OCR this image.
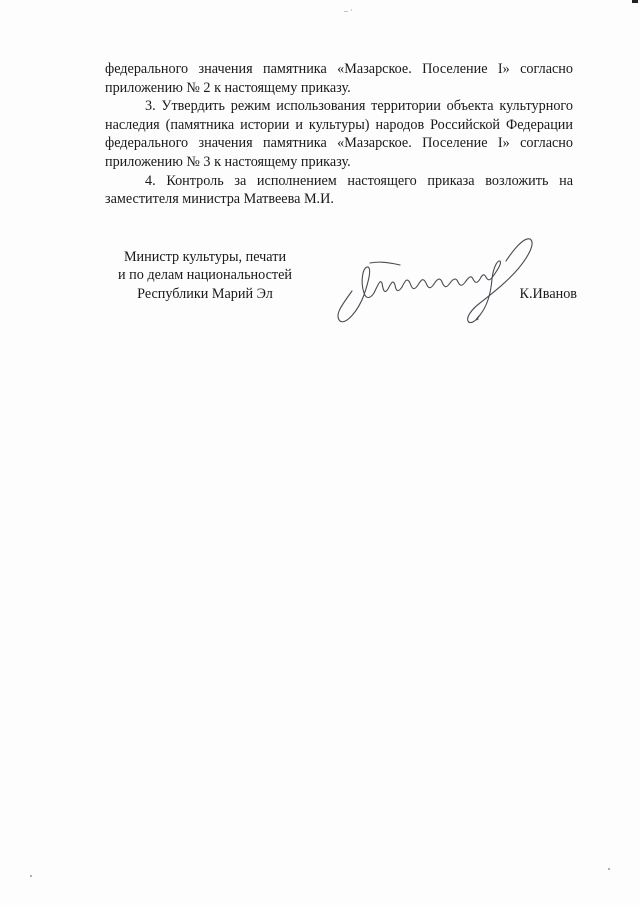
– ·

федерального значения памятника «Мазарское. Поселение I» согласно приложению № 2 к настоящему приказу.

3. Утвердить режим использования территории объекта культурного наследия (памятника истории и культуры) народов Российской Федерации федерального значения памятника «Мазарское. Поселение I» согласно приложению № 3 к настоящему приказу.

4. Контроль за исполнением настоящего приказа возложить на заместителя министра Матвеева М.И.

Министр культуры, печати
и по делам национальностей
Республики Марий Эл	К.Иванов
